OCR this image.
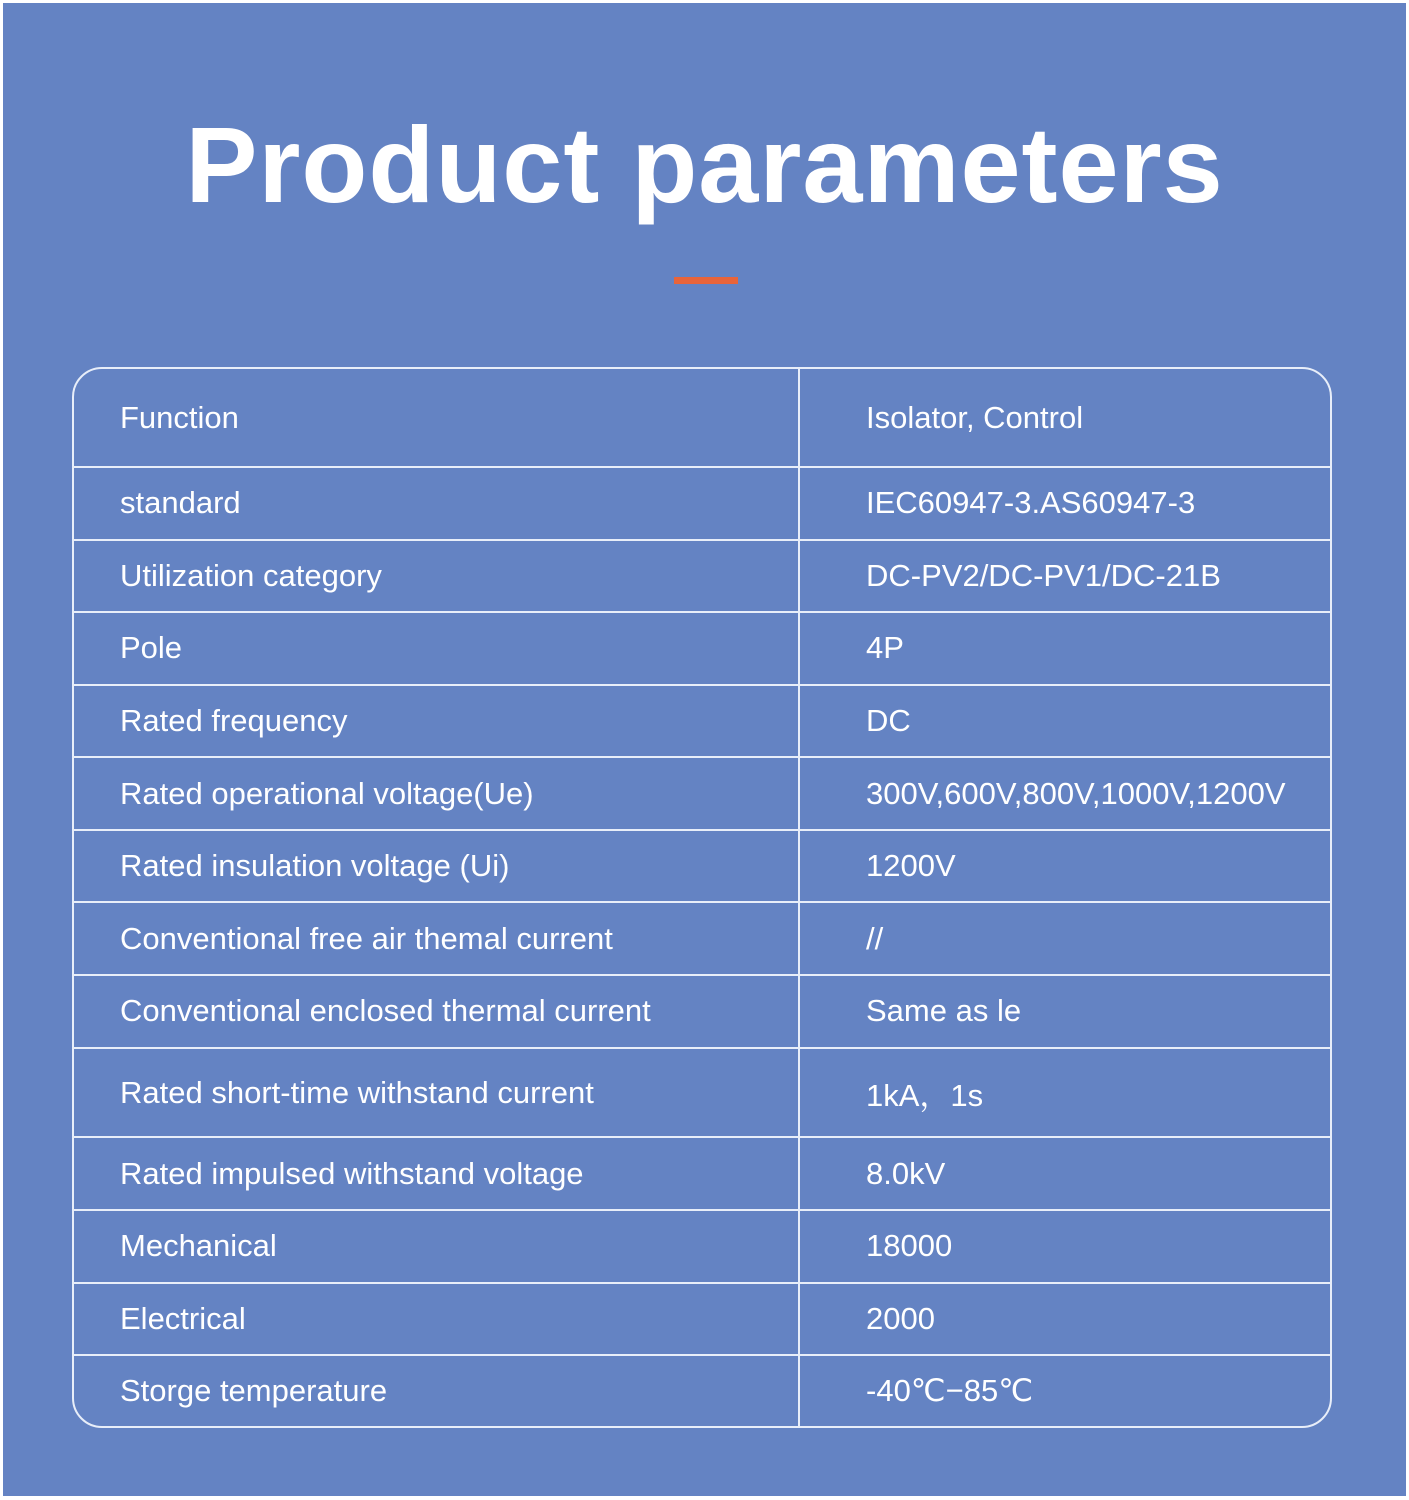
Product parameters
Function	Isolator, Control
standard	IEC60947-3.AS60947-3
Utilization category	DC-PV2/DC-PV1/DC-21B
Pole	4P
Rated frequency	DC
Rated operational voltage(Ue)	300V,600V,800V,1000V,1200V
Rated insulation voltage (Ui)	1200V
Conventional free air themal current	//
Conventional enclosed thermal current	Same as le
Rated short-time withstand current	1kA，1s
Rated impulsed withstand voltage	8.0kV
Mechanical	18000
Electrical	2000
Storge temperature	-40℃−85℃
